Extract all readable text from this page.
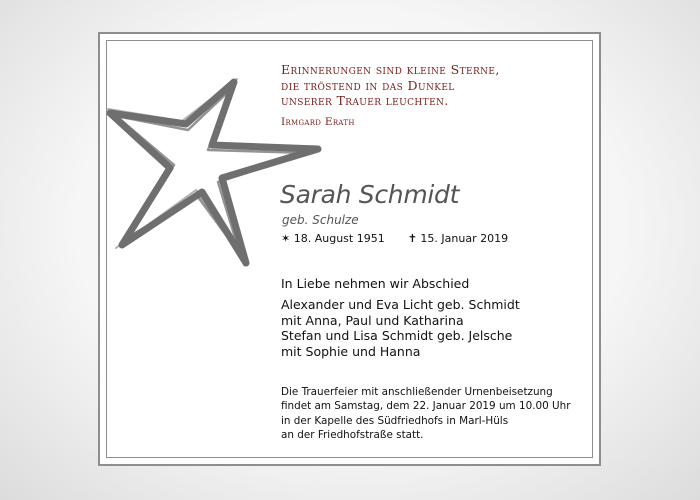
Erinnerungen sind kleine Sterne,
die tröstend in das Dunkel
unserer Trauer leuchten.
Irmgard Erath
Sarah Schmidt
geb. Schulze
✶ 18. August 1951 ✝ 15. Januar 2019
In Liebe nehmen wir Abschied
Alexander und Eva Licht geb. Schmidt
mit Anna, Paul und Katharina
Stefan und Lisa Schmidt geb. Jelsche
mit Sophie und Hanna
Die Trauerfeier mit anschließender Urnenbeisetzung
findet am Samstag, dem 22. Januar 2019 um 10.00 Uhr
in der Kapelle des Südfriedhofs in Marl-Hüls
an der Friedhofstraße statt.
